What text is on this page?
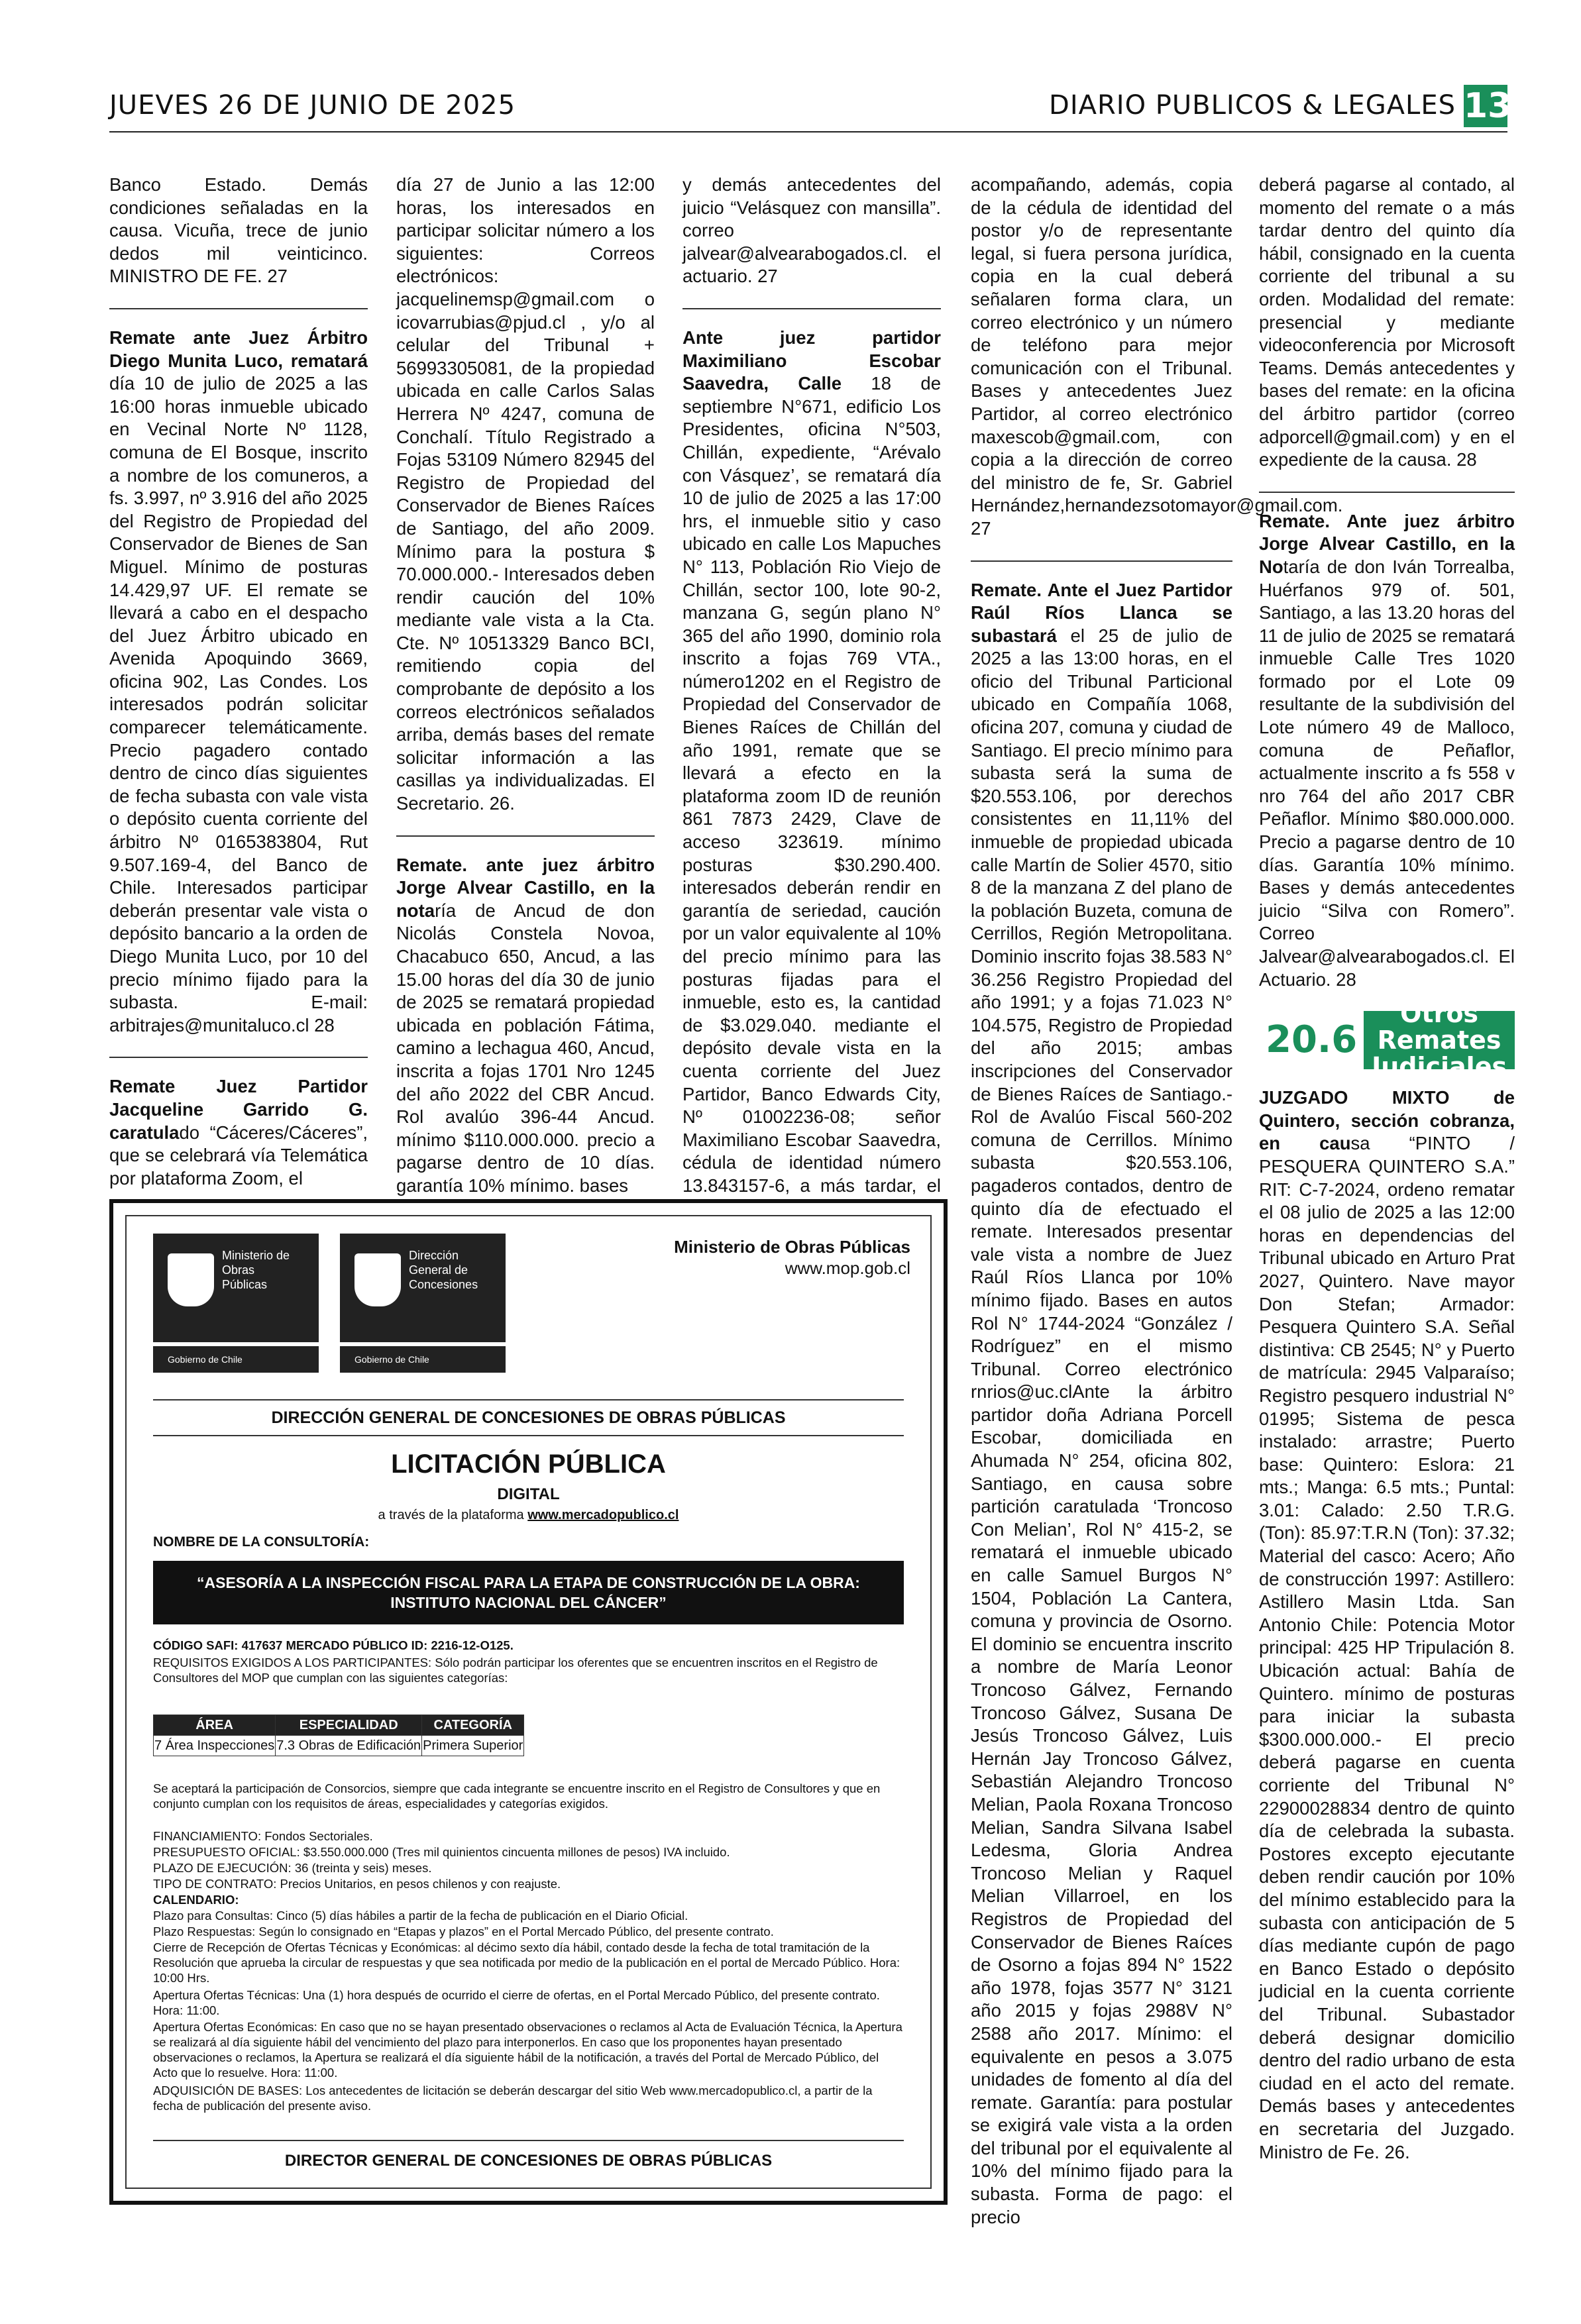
JUEVES 26 DE JUNIO DE 2025	DIARIO PUBLICOS & LEGALES 13

Banco Estado. Demás condiciones señaladas en la causa. Vicuña, trece de junio dedos mil veinticinco. MINISTRO DE FE. 27

Remate ante Juez Árbitro Diego Munita Luco, rematará día 10 de julio de 2025 a las 16:00 horas inmueble ubicado en Vecinal Norte Nº 1128, comuna de El Bosque, inscrito a nombre de los comuneros, a fs. 3.997, nº 3.916 del año 2025 del Registro de Propiedad del Conservador de Bienes de San Miguel. Mínimo de posturas 14.429,97 UF. El remate se llevará a cabo en el despacho del Juez Árbitro ubicado en Avenida Apoquindo 3669, oficina 902, Las Condes. Los interesados podrán solicitar comparecer telemáticamente. Precio pagadero contado dentro de cinco días siguientes de fecha subasta con vale vista o depósito cuenta corriente del árbitro Nº 0165383804, Rut 9.507.169-4, del Banco de Chile. Interesados participar deberán presentar vale vista o depósito bancario a la orden de Diego Munita Luco, por 10 del precio mínimo fijado para la subasta. E-mail: arbitrajes@munitaluco.cl 28

Remate Juez Partidor Jacqueline Garrido G. caratulado “Cáceres/Cáceres”, que se celebrará vía Telemática por plataforma Zoom, el

día 27 de Junio a las 12:00 horas, los interesados en participar solicitar número a los siguientes: Correos electrónicos: jacquelinemsp@gmail.com o icovarrubias@pjud.cl , y/o al celular del Tribunal + 56993305081, de la propiedad ubicada en calle Carlos Salas Herrera Nº 4247, comuna de Conchalí. Título Registrado a Fojas 53109 Número 82945 del Registro de Propiedad del Conservador de Bienes Raíces de Santiago, del año 2009. Mínimo para la postura $ 70.000.000.- Interesados deben rendir caución del 10% mediante vale vista a la Cta. Cte. Nº 10513329 Banco BCI, remitiendo copia del comprobante de depósito a los correos electrónicos señalados arriba, demás bases del remate solicitar información a las casillas ya individualizadas. El Secretario. 26.

Remate. ante juez árbitro Jorge Alvear Castillo, en la notaría de Ancud de don Nicolás Constela Novoa, Chacabuco 650, Ancud, a las 15.00 horas del día 30 de junio de 2025 se rematará propiedad ubicada en población Fátima, camino a lechagua 460, Ancud, inscrita a fojas 1701 Nro 1245 del año 2022 del CBR Ancud. Rol avalúo 396-44 Ancud. mínimo $110.000.000. precio a pagarse dentro de 10 días. garantía 10% mínimo. bases

y demás antecedentes del juicio “Velásquez con mansilla”. correo jalvear@alvearabogados.cl. el actuario. 27

Ante juez partidor Maximiliano Escobar Saavedra, Calle 18 de septiembre N°671, edificio Los Presidentes, oficina N°503, Chillán, expediente, “Arévalo con Vásquez’, se rematará día 10 de julio de 2025 a las 17:00 hrs, el inmueble sitio y caso ubicado en calle Los Mapuches N° 113, Población Rio Viejo de Chillán, sector 100, lote 90-2, manzana G, según plano N° 365 del año 1990, dominio rola inscrito a fojas 769 VTA., número1202 en el Registro de Propiedad del Conservador de Bienes Raíces de Chillán del año 1991, remate que se llevará a efecto en la plataforma zoom ID de reunión 861 7873 2429, Clave de acceso 323619. mínimo posturas $30.290.400. interesados deberán rendir en garantía de seriedad, caución por un valor equivalente al 10% del precio mínimo para las posturas fijadas para el inmueble, esto es, la cantidad de $3.029.040. mediante el depósito devale vista en la cuenta corriente del Juez Partidor, Banco Edwards City, Nº 01002236-08; señor Maximiliano Escobar Saavedra, cédula de identidad número 13.843157-6, a más tardar, el

acompañando, además, copia de la cédula de identidad del postor y/o de representante legal, si fuera persona jurídica, copia en la cual deberá señalaren forma clara, un correo electrónico y un número de teléfono para mejor comunicación con el Tribunal. Bases y antecedentes Juez Partidor, al correo electrónico maxescob@gmail.com, con copia a la dirección de correo del ministro de fe, Sr. Gabriel Hernández,hernandezsotomayor@gmail.com. 27

Remate. Ante el Juez Partidor Raúl Ríos Llanca se subastará el 25 de julio de 2025 a las 13:00 horas, en el oficio del Tribunal Particional ubicado en Compañía 1068, oficina 207, comuna y ciudad de Santiago. El precio mínimo para subasta será la suma de $20.553.106, por derechos consistentes en 11,11% del inmueble de propiedad ubicada calle Martín de Solier 4570, sitio 8 de la manzana Z del plano de la población Buzeta, comuna de Cerrillos, Región Metropolitana. Dominio inscrito fojas 38.583 N° 36.256 Registro Propiedad del año 1991; y a fojas 71.023 N° 104.575, Registro de Propiedad del año 2015; ambas inscripciones del Conservador de Bienes Raíces de Santiago.- Rol de Avalúo Fiscal 560-202 comuna de Cerrillos. Mínimo subasta $20.553.106, pagaderos contados, dentro de quinto día de efectuado el remate. Interesados presentar vale vista a nombre de Juez Raúl Ríos Llanca por 10% mínimo fijado. Bases en autos Rol N° 1744-2024 “González / Rodríguez” en el mismo Tribunal. Correo electrónico rnrios@uc.clAnte la árbitro partidor doña Adriana Porcell Escobar, domiciliada en Ahumada N° 254, oficina 802, Santiago, en causa sobre partición caratulada ‘Troncoso Con Melian’, Rol N° 415-2, se rematará el inmueble ubicado en calle Samuel Burgos N° 1504, Población La Cantera, comuna y provincia de Osorno. El dominio se encuentra inscrito a nombre de María Leonor Troncoso Gálvez, Fernando Troncoso Gálvez, Susana De Jesús Troncoso Gálvez, Luis Hernán Jay Troncoso Gálvez, Sebastián Alejandro Troncoso Melian, Paola Roxana Troncoso Melian, Sandra Silvana Isabel Ledesma, Gloria Andrea Troncoso Melian y Raquel Melian Villarroel, en los Registros de Propiedad del Conservador de Bienes Raíces de Osorno a fojas 894 N° 1522 año 1978, fojas 3577 N° 3121 año 2015 y fojas 2988V N° 2588 año 2017. Mínimo: el equivalente en pesos a 3.075 unidades de fomento al día del remate. Garantía: para postular se exigirá vale vista a la orden del tribunal por el equivalente al 10% del mínimo fijado para la subasta. Forma de pago: el precio

deberá pagarse al contado, al momento del remate o a más tardar dentro del quinto día hábil, consignado en la cuenta corriente del tribunal a su orden. Modalidad del remate: presencial y mediante videoconferencia por Microsoft Teams. Demás antecedentes y bases del remate: en la oficina del árbitro partidor (correo adporcell@gmail.com) y en el expediente de la causa. 28

Remate. Ante juez árbitro Jorge Alvear Castillo, en la Notaría de don Iván Torrealba, Huérfanos 979 of. 501, Santiago, a las 13.20 horas del 11 de julio de 2025 se rematará inmueble Calle Tres 1020 formado por el Lote 09 resultante de la subdivisión del Lote número 49 de Malloco, comuna de Peñaflor, actualmente inscrito a fs 558 v nro 764 del año 2017 CBR Peñaflor. Mínimo $80.000.000. Precio a pagarse dentro de 10 días. Garantía 10% mínimo. Bases y demás antecedentes juicio “Silva con Romero”. Correo Jalvear@alvearabogados.cl. El Actuario. 28

20.6
Otros Remates Judiciales

JUZGADO MIXTO de Quintero, sección cobranza, en causa “PINTO / PESQUERA QUINTERO S.A.” RIT: C-7-2024, ordeno rematar el 08 julio de 2025 a las 12:00 horas en dependencias del Tribunal ubicado en Arturo Prat 2027, Quintero. Nave mayor Don Stefan; Armador: Pesquera Quintero S.A. Señal distintiva: CB 2545; N° y Puerto de matrícula: 2945 Valparaíso; Registro pesquero industrial N° 01995; Sistema de pesca instalado: arrastre; Puerto base: Quintero: Eslora: 21 mts.; Manga: 6.5 mts.; Puntal: 3.01: Calado: 2.50 T.R.G. (Ton): 85.97:T.R.N (Ton): 37.32; Material del casco: Acero; Año de construcción 1997: Astillero: Astillero Masin Ltda. San Antonio Chile: Potencia Motor principal: 425 HP Tripulación 8. Ubicación actual: Bahía de Quintero. mínimo de posturas para iniciar la subasta $300.000.000.- El precio deberá pagarse en cuenta corriente del Tribunal N° 22900028834 dentro de quinto día de celebrada la subasta. Postores excepto ejecutante deben rendir caución por 10% del mínimo establecido para la subasta con anticipación de 5 días mediante cupón de pago en Banco Estado o depósito judicial en la cuenta corriente del Tribunal. Subastador deberá designar domicilio dentro del radio urbano de esta ciudad en el acto del remate. Demás bases y antecedentes en secretaria del Juzgado. Ministro de Fe. 26.

Ministerio de
Obras
Públicas
Gobierno de Chile
Dirección
General de
Concesiones
Gobierno de Chile
Ministerio de Obras Públicas
www.mop.gob.cl
DIRECCIÓN GENERAL DE CONCESIONES DE OBRAS PÚBLICAS
LICITACIÓN PÚBLICA
DIGITAL
a través de la plataforma www.mercadopublico.cl
NOMBRE DE LA CONSULTORÍA:
“ASESORÍA A LA INSPECCIÓN FISCAL PARA LA ETAPA DE CONSTRUCCIÓN DE LA OBRA:
INSTITUTO NACIONAL DEL CÁNCER”
CÓDIGO SAFI: 417637 MERCADO PÚBLICO ID: 2216-12-O125.
REQUISITOS EXIGIDOS A LOS PARTICIPANTES: Sólo podrán participar los oferentes que se encuentren inscritos en el Registro de Consultores del MOP que cumplan con las siguientes categorías:
ÁREA	ESPECIALIDAD	CATEGORÍA
7 Área Inspecciones	7.3 Obras de Edificación	Primera Superior
Se aceptará la participación de Consorcios, siempre que cada integrante se encuentre inscrito en el Registro de Consultores y que en conjunto cumplan con los requisitos de áreas, especialidades y categorías exigidos.
FINANCIAMIENTO: Fondos Sectoriales.
PRESUPUESTO OFICIAL: $3.550.000.000 (Tres mil quinientos cincuenta millones de pesos) IVA incluido.
PLAZO DE EJECUCIÓN: 36 (treinta y seis) meses.
TIPO DE CONTRATO: Precios Unitarios, en pesos chilenos y con reajuste.
CALENDARIO:
Plazo para Consultas: Cinco (5) días hábiles a partir de la fecha de publicación en el Diario Oficial.
Plazo Respuestas: Según lo consignado en “Etapas y plazos” en el Portal Mercado Público, del presente contrato.
Cierre de Recepción de Ofertas Técnicas y Económicas: al décimo sexto día hábil, contado desde la fecha de total tramitación de la Resolución que aprueba la circular de respuestas y que sea notificada por medio de la publicación en el portal de Mercado Público. Hora: 10:00 Hrs.
Apertura Ofertas Técnicas: Una (1) hora después de ocurrido el cierre de ofertas, en el Portal Mercado Público, del presente contrato. Hora: 11:00.
Apertura Ofertas Económicas: En caso que no se hayan presentado observaciones o reclamos al Acta de Evaluación Técnica, la Apertura se realizará al día siguiente hábil del vencimiento del plazo para interponerlos. En caso que los proponentes hayan presentado observaciones o reclamos, la Apertura se realizará el día siguiente hábil de la notificación, a través del Portal de Mercado Público, del Acto que lo resuelve. Hora: 11:00.
ADQUISICIÓN DE BASES: Los antecedentes de licitación se deberán descargar del sitio Web www.mercadopublico.cl, a partir de la fecha de publicación del presente aviso.
DIRECTOR GENERAL DE CONCESIONES DE OBRAS PÚBLICAS
